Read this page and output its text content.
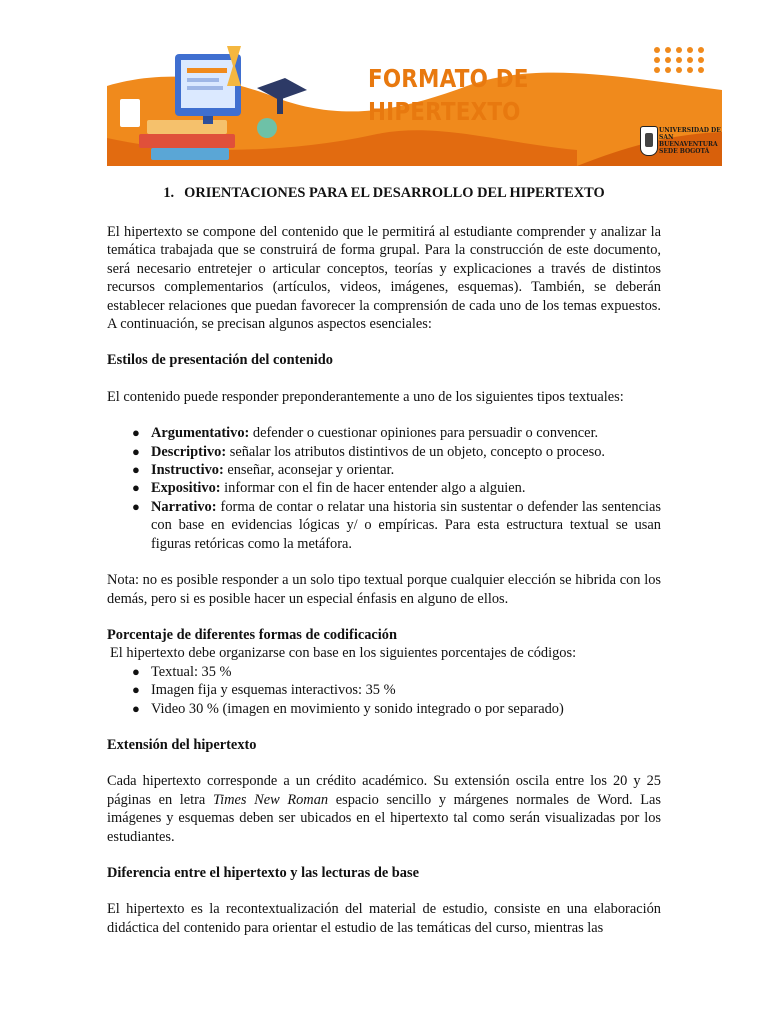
FORMATO DE
HIPERTEXTO
UNIVERSIDAD DE SAN BUENAVENTURA SEDE BOGOTÁ
1. ORIENTACIONES PARA EL DESARROLLO DEL HIPERTEXTO

El hipertexto se compone del contenido que le permitirá al estudiante comprender y analizar la temática trabajada que se construirá de forma grupal. Para la construcción de este documento, será necesario entretejer o articular conceptos, teorías y explicaciones a través de distintos recursos complementarios (artículos, videos, imágenes, esquemas). También, se deberán establecer relaciones que puedan favorecer la comprensión de cada uno de los temas expuestos. A continuación, se precisan algunos aspectos esenciales:

Estilos de presentación del contenido

El contenido puede responder preponderantemente a uno de los siguientes tipos textuales:

● Argumentativo: defender o cuestionar opiniones para persuadir o convencer.
● Descriptivo: señalar los atributos distintivos de un objeto, concepto o proceso.
● Instructivo: enseñar, aconsejar y orientar.
● Expositivo: informar con el fin de hacer entender algo a alguien.
● Narrativo: forma de contar o relatar una historia sin sustentar o defender las sentencias con base en evidencias lógicas y/ o empíricas. Para esta estructura textual se usan figuras retóricas como la metáfora.

Nota: no es posible responder a un solo tipo textual porque cualquier elección se hibrida con los demás, pero si es posible hacer un especial énfasis en alguno de ellos.

Porcentaje de diferentes formas de codificación

El hipertexto debe organizarse con base en los siguientes porcentajes de códigos:

● Textual: 35 %
● Imagen fija y esquemas interactivos: 35 %
● Video 30 % (imagen en movimiento y sonido integrado o por separado)
Extensión del hipertexto

Cada hipertexto corresponde a un crédito académico. Su extensión oscila entre los 20 y 25 páginas en letra Times New Roman espacio sencillo y márgenes normales de Word. Las imágenes y esquemas deben ser ubicados en el hipertexto tal como serán visualizadas por los estudiantes.

Diferencia entre el hipertexto y las lecturas de base

El hipertexto es la recontextualización del material de estudio, consiste en una elaboración didáctica del contenido para orientar el estudio de las temáticas del curso, mientras las
